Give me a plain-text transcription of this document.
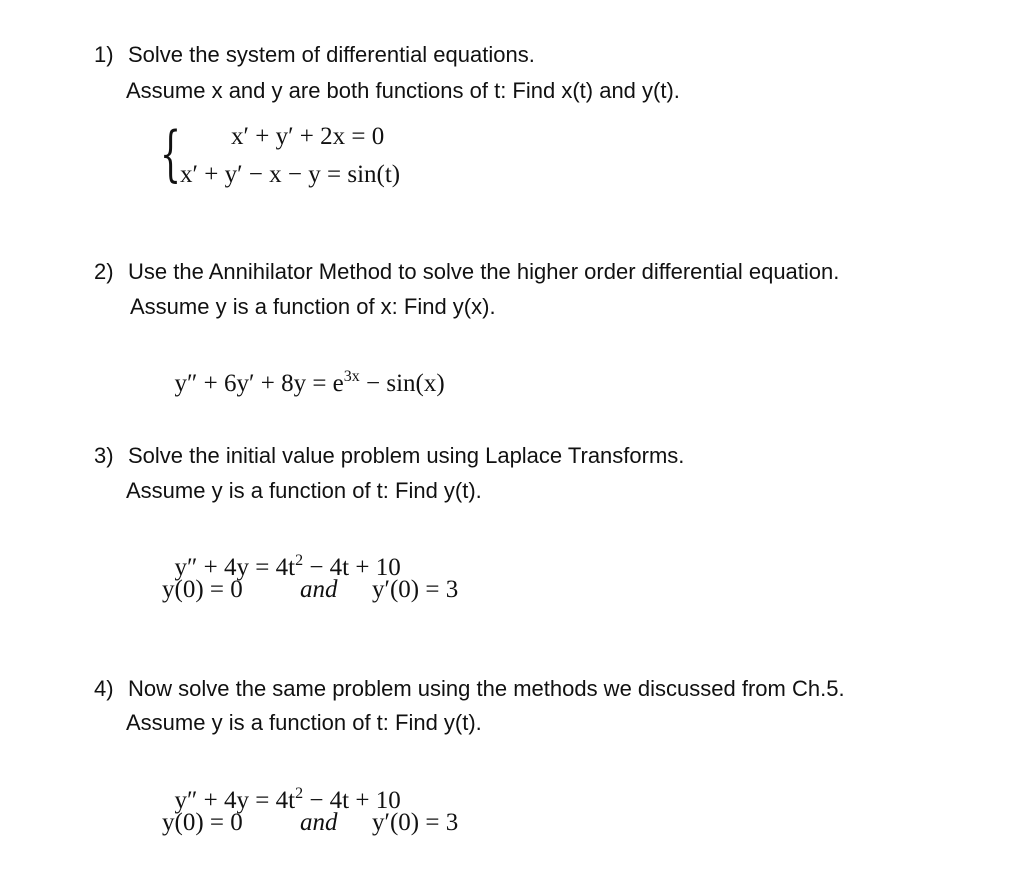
1) Solve the system of differential equations.
Assume x and y are both functions of t: Find x(t) and y(t).
{ x′ + y′ + 2x = 0
x′ + y′ − x − y = sin(t)
2) Use the Annihilator Method to solve the higher order differential equation.
Assume y is a function of x: Find y(x).

$y'' + 6y' + 8y = e^{3x} - \sin(x)$

3) Solve the initial value problem using Laplace Transforms.
Assume y is a function of t: Find y(t).

$y'' + 4y = 4t^2 - 4t + 10$

y(0) = 0 and y′(0) = 3
4) Now solve the same problem using the methods we discussed from Ch.5.
Assume y is a function of t: Find y(t).

$y'' + 4y = 4t^2 - 4t + 10$

y(0) = 0 and y′(0) = 3
